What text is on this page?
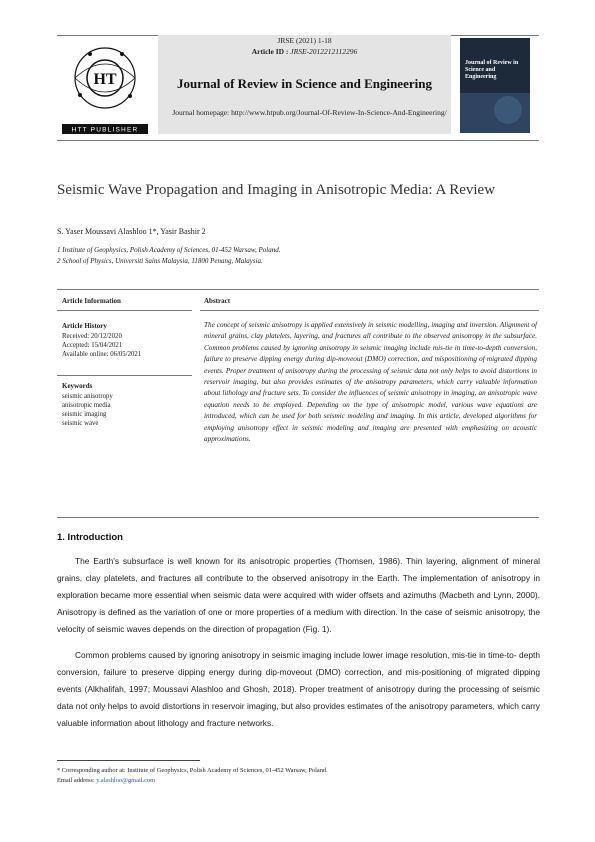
HT
HTT PUBLISHER
JRSE (2021) 1-18
Article ID : JRSE-2012212112296
Journal of Review in Science and Engineering
Journal homepage: http://www.htpub.org/Journal-Of-Review-In-Science-And-Engineering/
Journal of Review in Science and Engineering
Seismic Wave Propagation and Imaging in Anisotropic Media: A Review
S. Yaser Moussavi Alashloo 1*, Yasir Bashir 2
1 Institute of Geophysics, Polish Academy of Sciences, 01-452 Warsaw, Poland.
2 School of Physics, Universiti Sains Malaysia, 11800 Penang, Malaysia.
Article Information	Abstract
Article History
Received: 20/12/2020
Accepted: 15/04/2021
Available online: 06/05/2021
Keywords
seismic anisotropy
anisotropic media
seismic imaging
seismic wave
The concept of seismic anisotropy is applied extensively in seismic modelling, imaging and inversion. Alignment of mineral grains, clay platelets, layering, and fractures all contribute to the observed anisotropy in the subsurface. Common problems caused by ignoring anisotropy in seismic imaging include mis-tie in time-to-depth conversion, failure to preserve dipping energy during dip-moveout (DMO) correction, and mispositioning of migrated dipping events. Proper treatment of anisotropy during the processing of seismic data not only helps to avoid distortions in reservoir imaging, but also provides estimates of the anisotropy parameters, which carry valuable information about lithology and fracture sets. To consider the influences of seismic anisotropy in imaging, an anisotropic wave equation needs to be employed. Depending on the type of anisotropic model, various wave equations are introduced, which can be used for both seismic modeling and imaging. In this article, developed algorithms for employing anisotropy effect in seismic modeling and imaging are presented with emphasizing on acoustic approximations.
1. Introduction
The Earth's subsurface is well known for its anisotropic properties (Thomsen, 1986). Thin layering, alignment of mineral grains, clay platelets, and fractures all contribute to the observed anisotropy in the Earth. The implementation of anisotropy in exploration became more essential when seismic data were acquired with wider offsets and azimuths (Macbeth and Lynn, 2000). Anisotropy is defined as the variation of one or more properties of a medium with direction. In the case of seismic anisotropy, the velocity of seismic waves depends on the direction of propagation (Fig. 1).
Common problems caused by ignoring anisotropy in seismic imaging include lower image resolution, mis-tie in time-to- depth conversion, failure to preserve dipping energy during dip-moveout (DMO) correction, and mis-positioning of migrated dipping events (Alkhalifah, 1997; Moussavi Alashloo and Ghosh, 2018). Proper treatment of anisotropy during the processing of seismic data not only helps to avoid distortions in reservoir imaging, but also provides estimates of the anisotropy parameters, which carry valuable information about lithology and fracture networks.
* Corresponding author at: Institute of Geophysics, Polish Academy of Sciences, 01-452 Warsaw, Poland.
Email address: y.alashloo@gmail.com
